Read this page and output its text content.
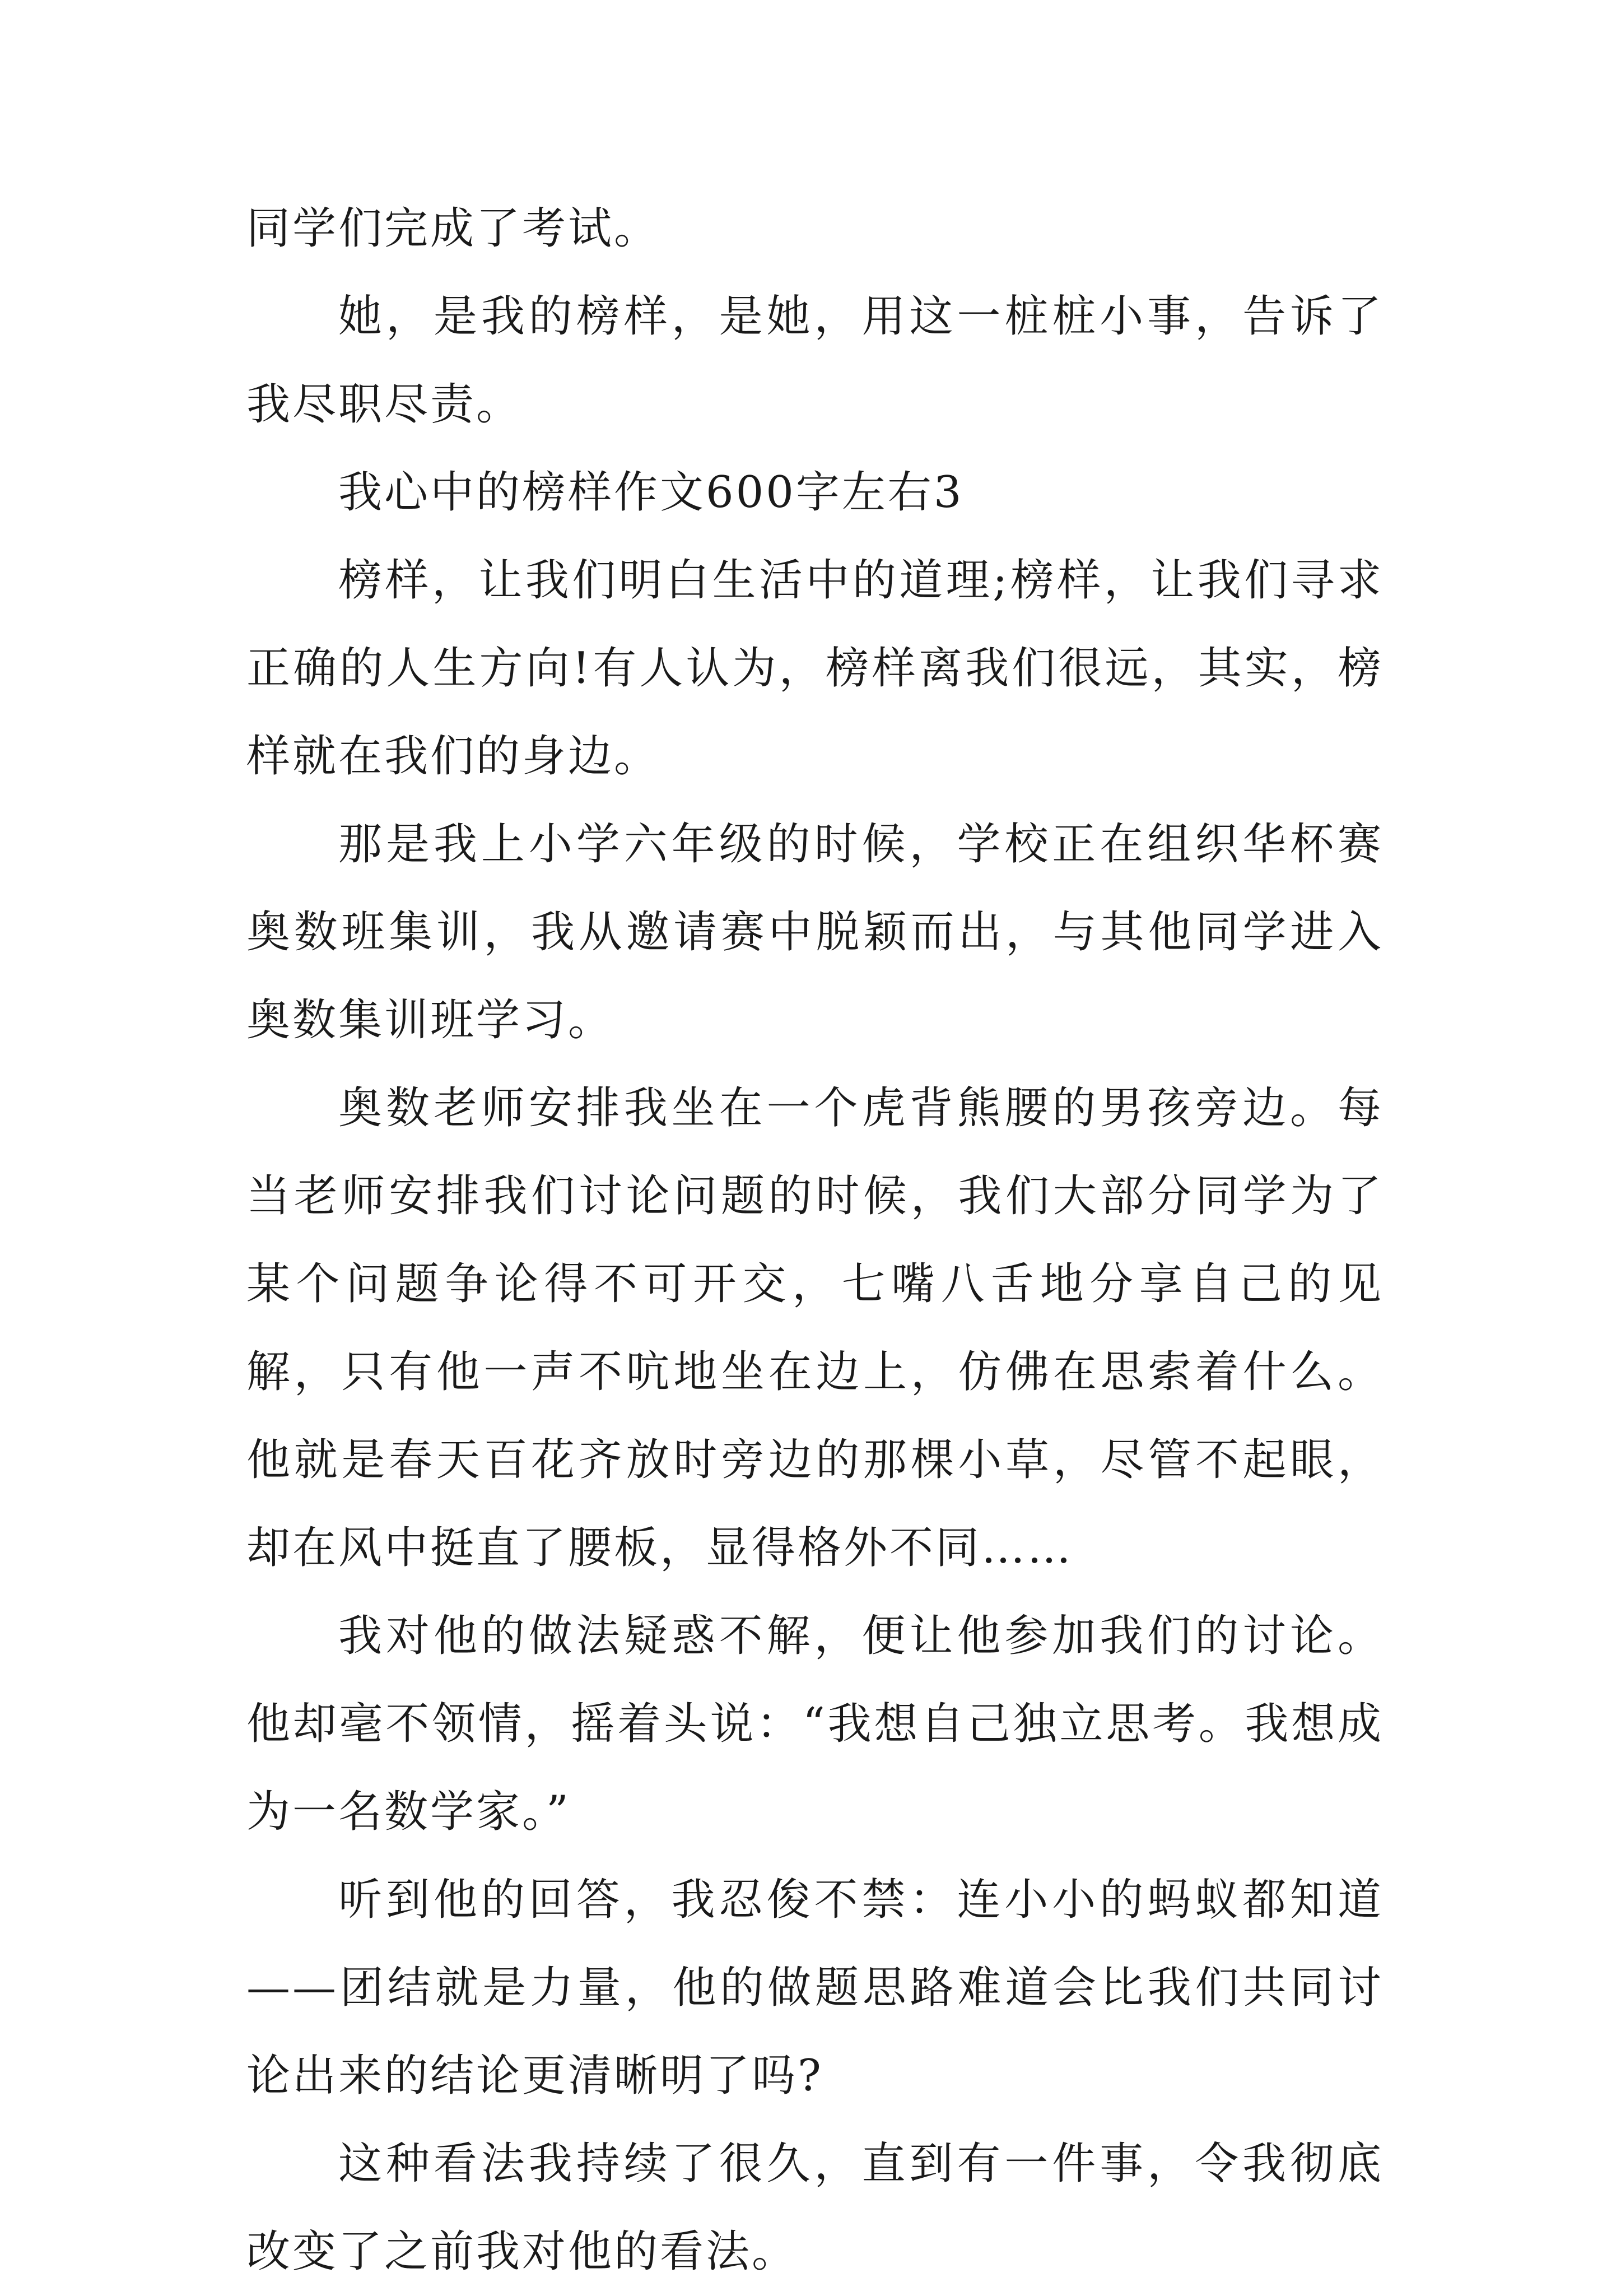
同学们完成了考试。

她，是我的榜样，是她，用这一桩桩小事，告诉了我尽职尽责。

我心中的榜样作文600字左右3

榜样，让我们明白生活中的道理;榜样，让我们寻求正确的人生方向!有人认为，榜样离我们很远，其实，榜样就在我们的身边。

那是我上小学六年级的时候，学校正在组织华杯赛奥数班集训，我从邀请赛中脱颖而出，与其他同学进入奥数集训班学习。

奥数老师安排我坐在一个虎背熊腰的男孩旁边。每当老师安排我们讨论问题的时候，我们大部分同学为了某个问题争论得不可开交，七嘴八舌地分享自己的见解，只有他一声不吭地坐在边上，仿佛在思索着什么。他就是春天百花齐放时旁边的那棵小草，尽管不起眼，却在风中挺直了腰板，显得格外不同……

我对他的做法疑惑不解，便让他参加我们的讨论。他却毫不领情，摇着头说：“我想自己独立思考。我想成为一名数学家。”

听到他的回答，我忍俊不禁：连小小的蚂蚁都知道——团结就是力量，他的做题思路难道会比我们共同讨论出来的结论更清晰明了吗?

这种看法我持续了很久，直到有一件事，令我彻底改变了之前我对他的看法。
